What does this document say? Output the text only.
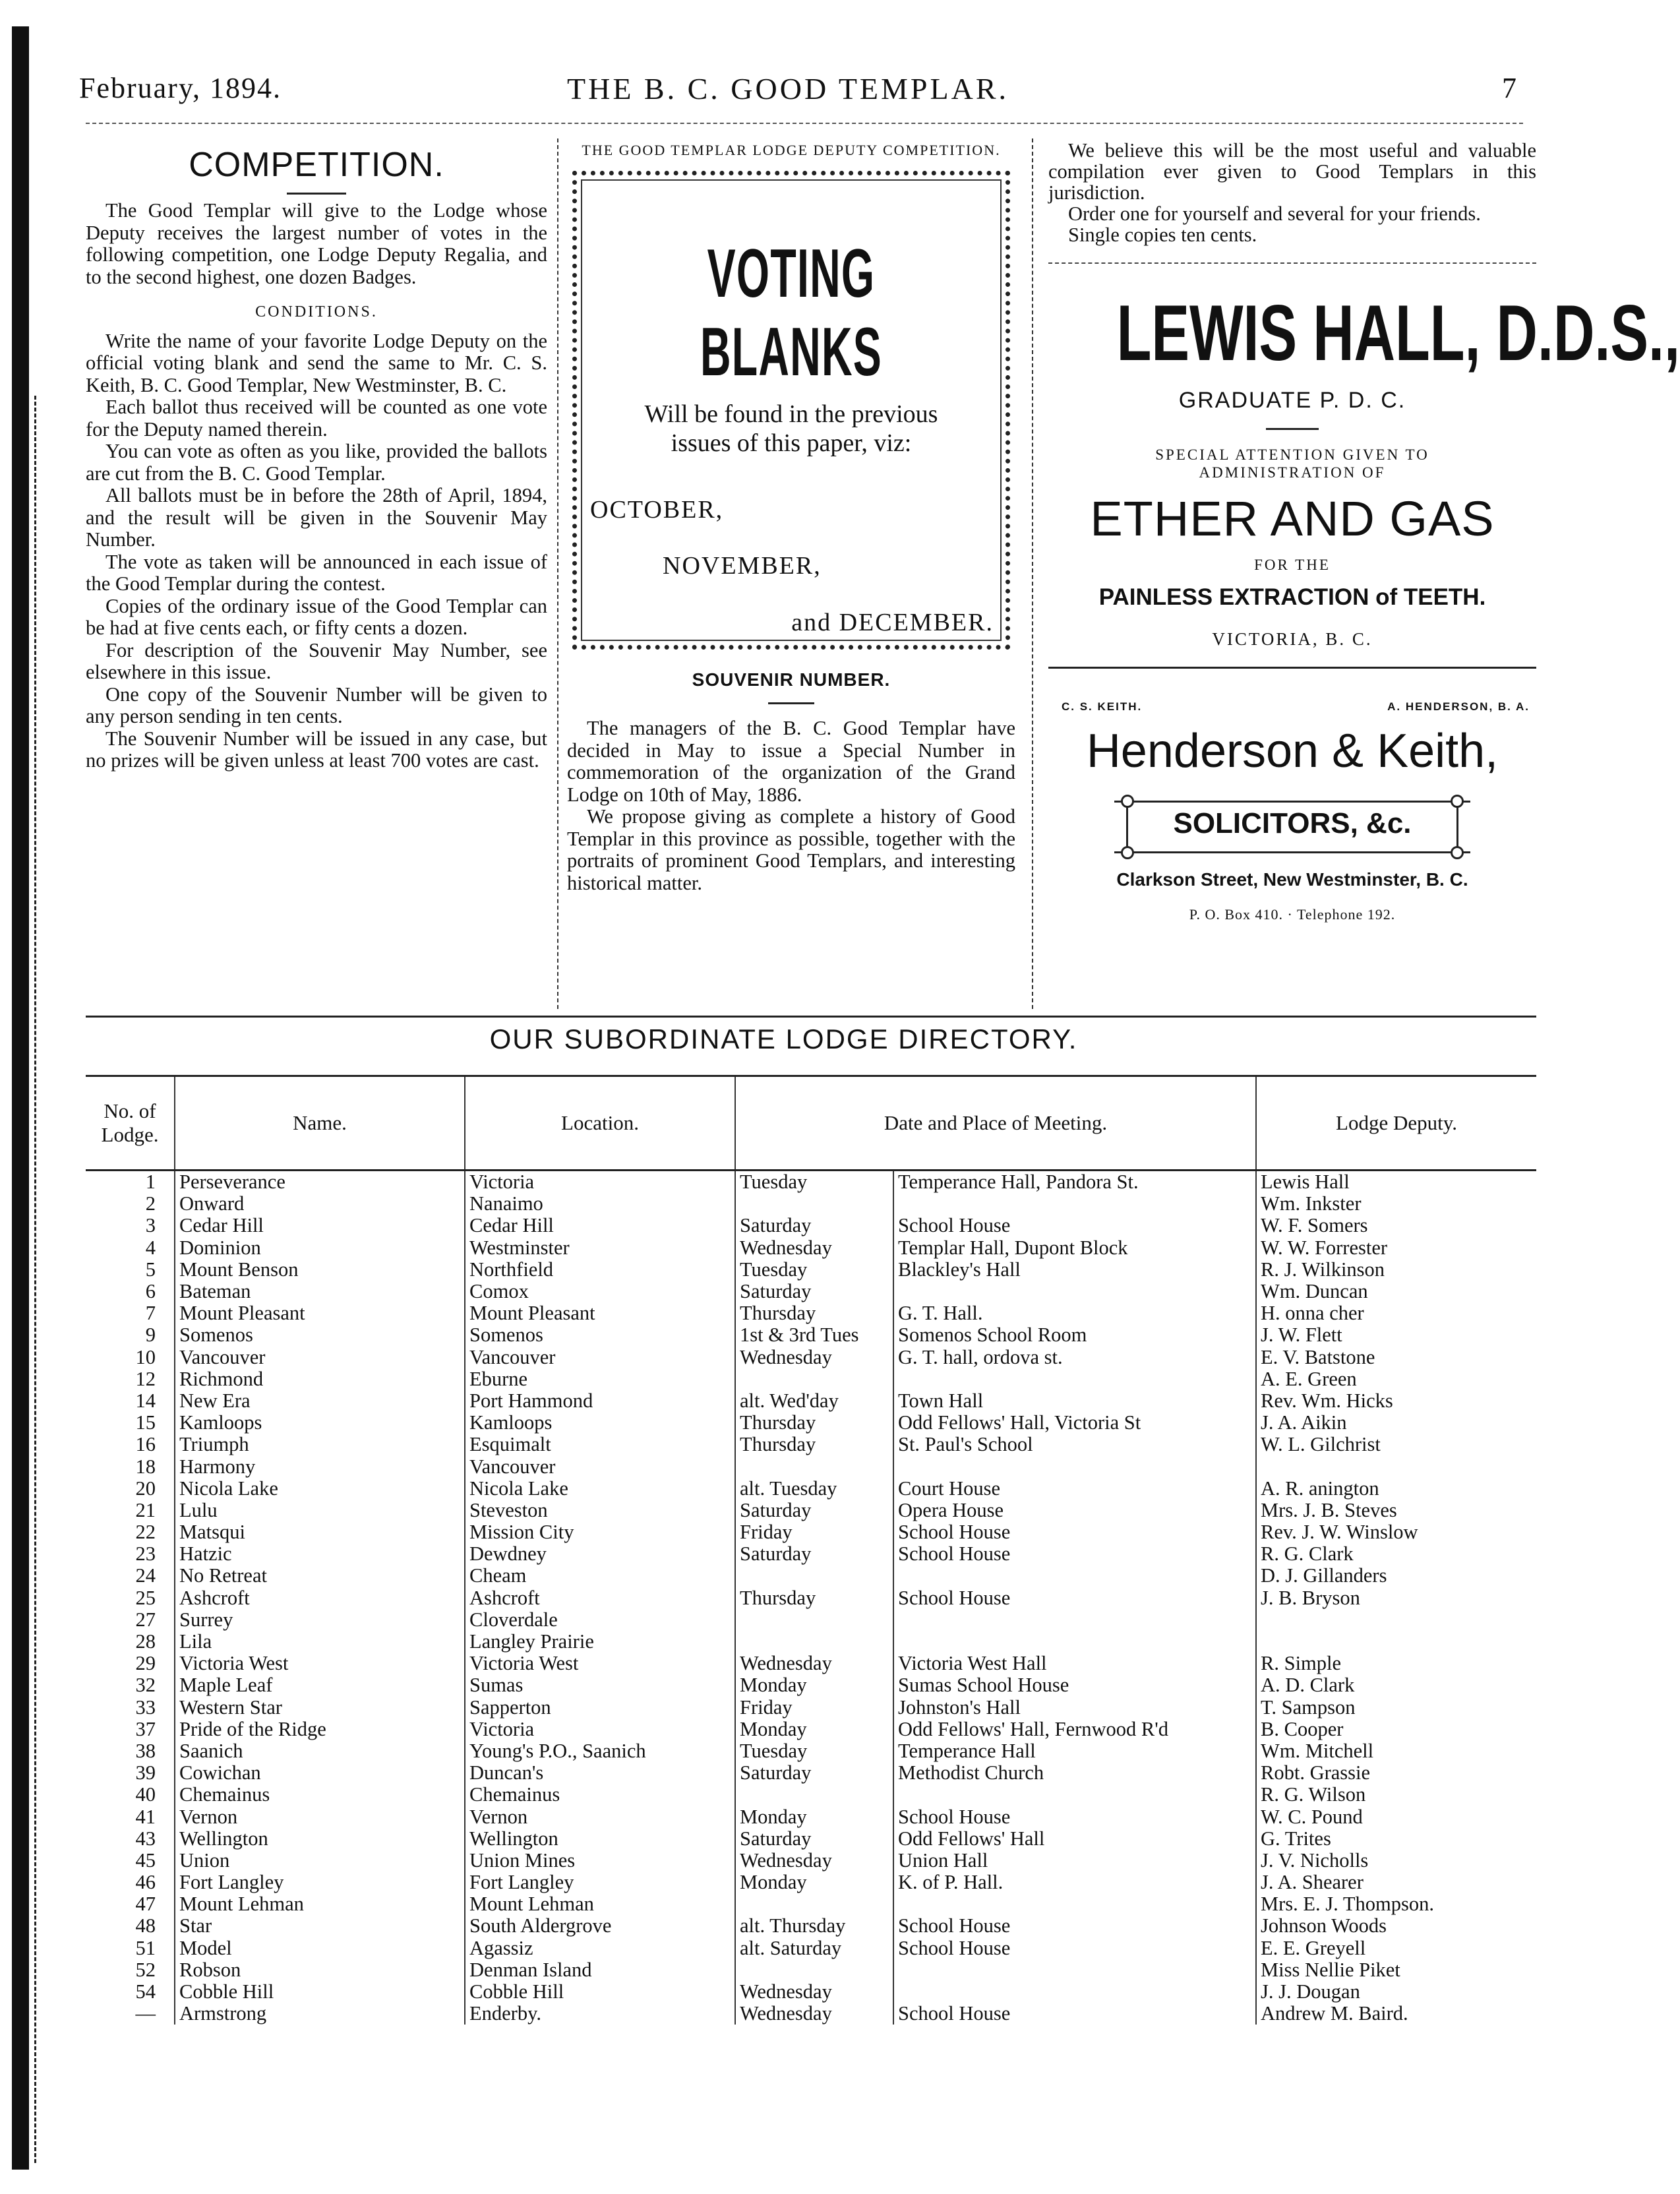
February, 1894.	THE B. C. GOOD TEMPLAR.	7
COMPETITION.

The Good Templar will give to the Lodge whose Deputy receives the largest number of votes in the following competition, one Lodge Deputy Regalia, and to the second highest, one dozen Badges.

CONDITIONS.

Write the name of your favorite Lodge Deputy on the official voting blank and send the same to Mr. C. S. Keith, B. C. Good Templar, New Westminster, B. C.

Each ballot thus received will be counted as one vote for the Deputy named therein.

You can vote as often as you like, provided the ballots are cut from the B. C. Good Templar.

All ballots must be in before the 28th of April, 1894, and the result will be given in the Souvenir May Number.

The vote as taken will be announced in each issue of the Good Templar during the contest.

Copies of the ordinary issue of the Good Templar can be had at five cents each, or fifty cents a dozen.

For description of the Souvenir May Number, see elsewhere in this issue.

One copy of the Souvenir Number will be given to any person sending in ten cents.

The Souvenir Number will be issued in any case, but no prizes will be given unless at least 700 votes are cast.

THE GOOD TEMPLAR LODGE DEPUTY COMPETITION.
VOTING BLANKS
Will be found in the previous
issues of this paper, viz:
OCTOBER,
NOVEMBER,
and DECEMBER.
SOUVENIR NUMBER.

The managers of the B. C. Good Templar have decided in May to issue a Special Number in commemoration of the organization of the Grand Lodge on 10th of May, 1886.

We propose giving as complete a history of Good Templar in this province as possible, together with the portraits of prominent Good Templars, and interesting historical matter.

We believe this will be the most useful and valuable compilation ever given to Good Templars in this jurisdiction.

Order one for yourself and several for your friends.

Single copies ten cents.

LEWIS HALL, D.D.S.,
GRADUATE P. D. C.
SPECIAL ATTENTION GIVEN TO
ADMINISTRATION OF
ETHER AND GAS
FOR THE
PAINLESS EXTRACTION of TEETH.
VICTORIA, B. C.
C. S. KEITH.	A. HENDERSON, B. A.
Henderson & Keith,
SOLICITORS, &c.
Clarkson Street, New Westminster, B. C.
P. O. Box 410. · Telephone 192.
OUR SUBORDINATE LODGE DIRECTORY.
No. of Lodge.	Name.	Location.	Date and Place of Meeting.		Lodge Deputy.
1	Perseverance	Victoria	Tuesday	Temperance Hall, Pandora St.	Lewis Hall
2	Onward	Nanaimo			Wm. Inkster
3	Cedar Hill	Cedar Hill	Saturday	School House	W. F. Somers
4	Dominion	Westminster	Wednesday	Templar Hall, Dupont Block	W. W. Forrester
5	Mount Benson	Northfield	Tuesday	Blackley's Hall	R. J. Wilkinson
6	Bateman	Comox	Saturday		Wm. Duncan
7	Mount Pleasant	Mount Pleasant	Thursday	G. T. Hall.	H. onna cher
9	Somenos	Somenos	1st & 3rd Tues	Somenos School Room	J. W. Flett
10	Vancouver	Vancouver	Wednesday	G. T. hall, ordova st.	E. V. Batstone
12	Richmond	Eburne			A. E. Green
14	New Era	Port Hammond	alt. Wed'day	Town Hall	Rev. Wm. Hicks
15	Kamloops	Kamloops	Thursday	Odd Fellows' Hall, Victoria St	J. A. Aikin
16	Triumph	Esquimalt	Thursday	St. Paul's School	W. L. Gilchrist
18	Harmony	Vancouver			
20	Nicola Lake	Nicola Lake	alt. Tuesday	Court House	A. R. anington
21	Lulu	Steveston	Saturday	Opera House	Mrs. J. B. Steves
22	Matsqui	Mission City	Friday	School House	Rev. J. W. Winslow
23	Hatzic	Dewdney	Saturday	School House	R. G. Clark
24	No Retreat	Cheam			D. J. Gillanders
25	Ashcroft	Ashcroft	Thursday	School House	J. B. Bryson
27	Surrey	Cloverdale			
28	Lila	Langley Prairie			
29	Victoria West	Victoria West	Wednesday	Victoria West Hall	R. Simple
32	Maple Leaf	Sumas	Monday	Sumas School House	A. D. Clark
33	Western Star	Sapperton	Friday	Johnston's Hall	T. Sampson
37	Pride of the Ridge	Victoria	Monday	Odd Fellows' Hall, Fernwood R'd	B. Cooper
38	Saanich	Young's P.O., Saanich	Tuesday	Temperance Hall	Wm. Mitchell
39	Cowichan	Duncan's	Saturday	Methodist Church	Robt. Grassie
40	Chemainus	Chemainus			R. G. Wilson
41	Vernon	Vernon	Monday	School House	W. C. Pound
43	Wellington	Wellington	Saturday	Odd Fellows' Hall	G. Trites
45	Union	Union Mines	Wednesday	Union Hall	J. V. Nicholls
46	Fort Langley	Fort Langley	Monday	K. of P. Hall.	J. A. Shearer
47	Mount Lehman	Mount Lehman			Mrs. E. J. Thompson.
48	Star	South Aldergrove	alt. Thursday	School House	Johnson Woods
51	Model	Agassiz	alt. Saturday	School House	E. E. Greyell
52	Robson	Denman Island			Miss Nellie Piket
54	Cobble Hill	Cobble Hill	Wednesday		J. J. Dougan
—	Armstrong	Enderby.	Wednesday	School House	Andrew M. Baird.
